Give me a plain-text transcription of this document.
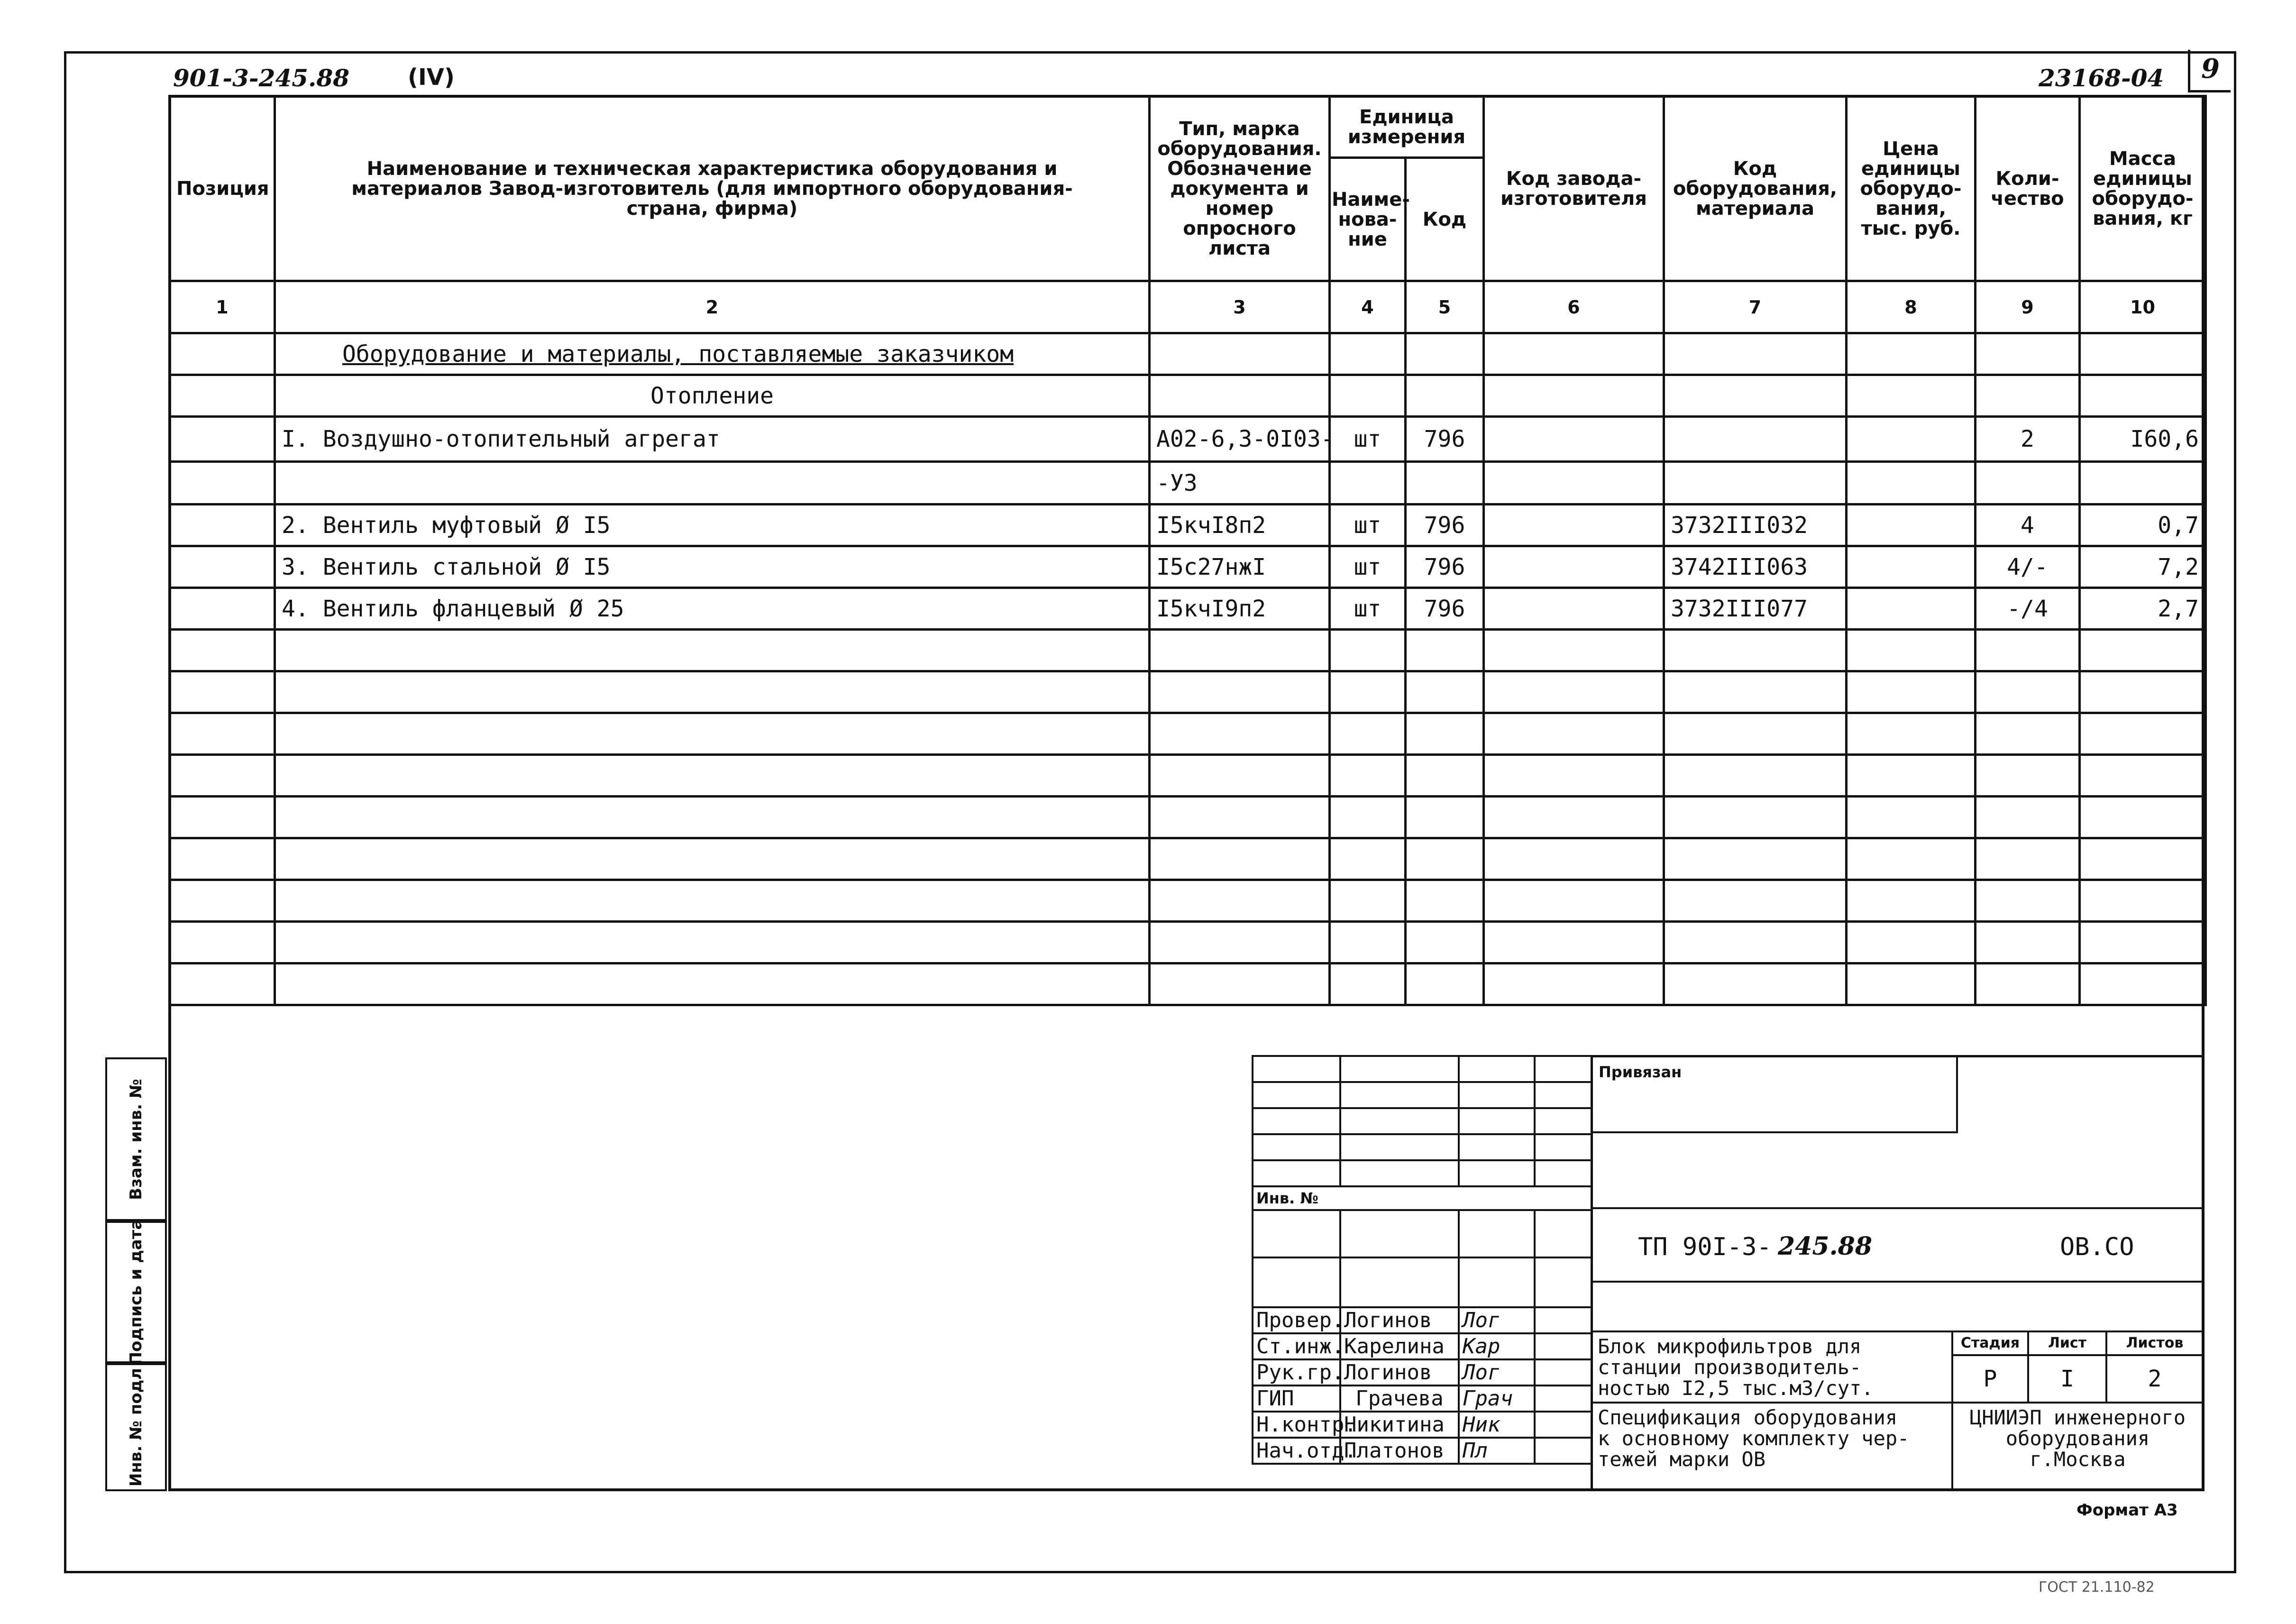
901-3-245.88	(IV)	23168-04	9
Позиция	Наименование и техническая характеристика оборудования и материалов Завод-изготовитель (для импортного оборудования-страна, фирма)	Тип, марка оборудования. Обозначение документа и номер опросного листа	Единица измерения		Код завода-изготовителя	Код оборудования, материала	Цена единицы оборудо-вания, тыс. руб.	Коли-чество	Масса единицы оборудо-вания, кг
			Наиме-нова-ние	Код					
1	2	3	4	5	6	7	8	9	10
	Оборудование и материалы, поставляемые заказчиком								
	Отопление								
	I. Воздушно-отопительный агрегат	А02-6,3-0I03-	шт	796				2	I60,6
		-У3							
	2. Вентиль муфтовый Ø I5	I5кчI8п2	шт	796		3732III032		4	0,7
	3. Вентиль стальной Ø I5	I5с27нжI	шт	796		3742III063		4/-	7,2
	4. Вентиль фланцевый Ø 25	I5кчI9п2	шт	796		3732III077		-/4	2,7

Взам. инв. №
Подпись и дата
Инв. № подл

Инв. №			

Провер.	Логинов	Лог	
Ст.инж.	Карелина	Кар	
Рук.гр.	Логинов	Лог	
ГИП	Грачева	Грач	
Н.контр.	Никитина	Ник	
Нач.отд.	Платонов	Пл	
Привязан
ТП 90I-3- 245.88	ОВ.СО
Блок микрофильтров для
станции производитель-
ностью I2,5 тыс.м3/сут.
Стадия	Лист	Листов
Р	I	2
Спецификация оборудования
к основному комплекту чер-
тежей марки ОВ
ЦНИИЭП инженерного
оборудования
г.Москва
Формат А3
ГОСТ 21.110-82
